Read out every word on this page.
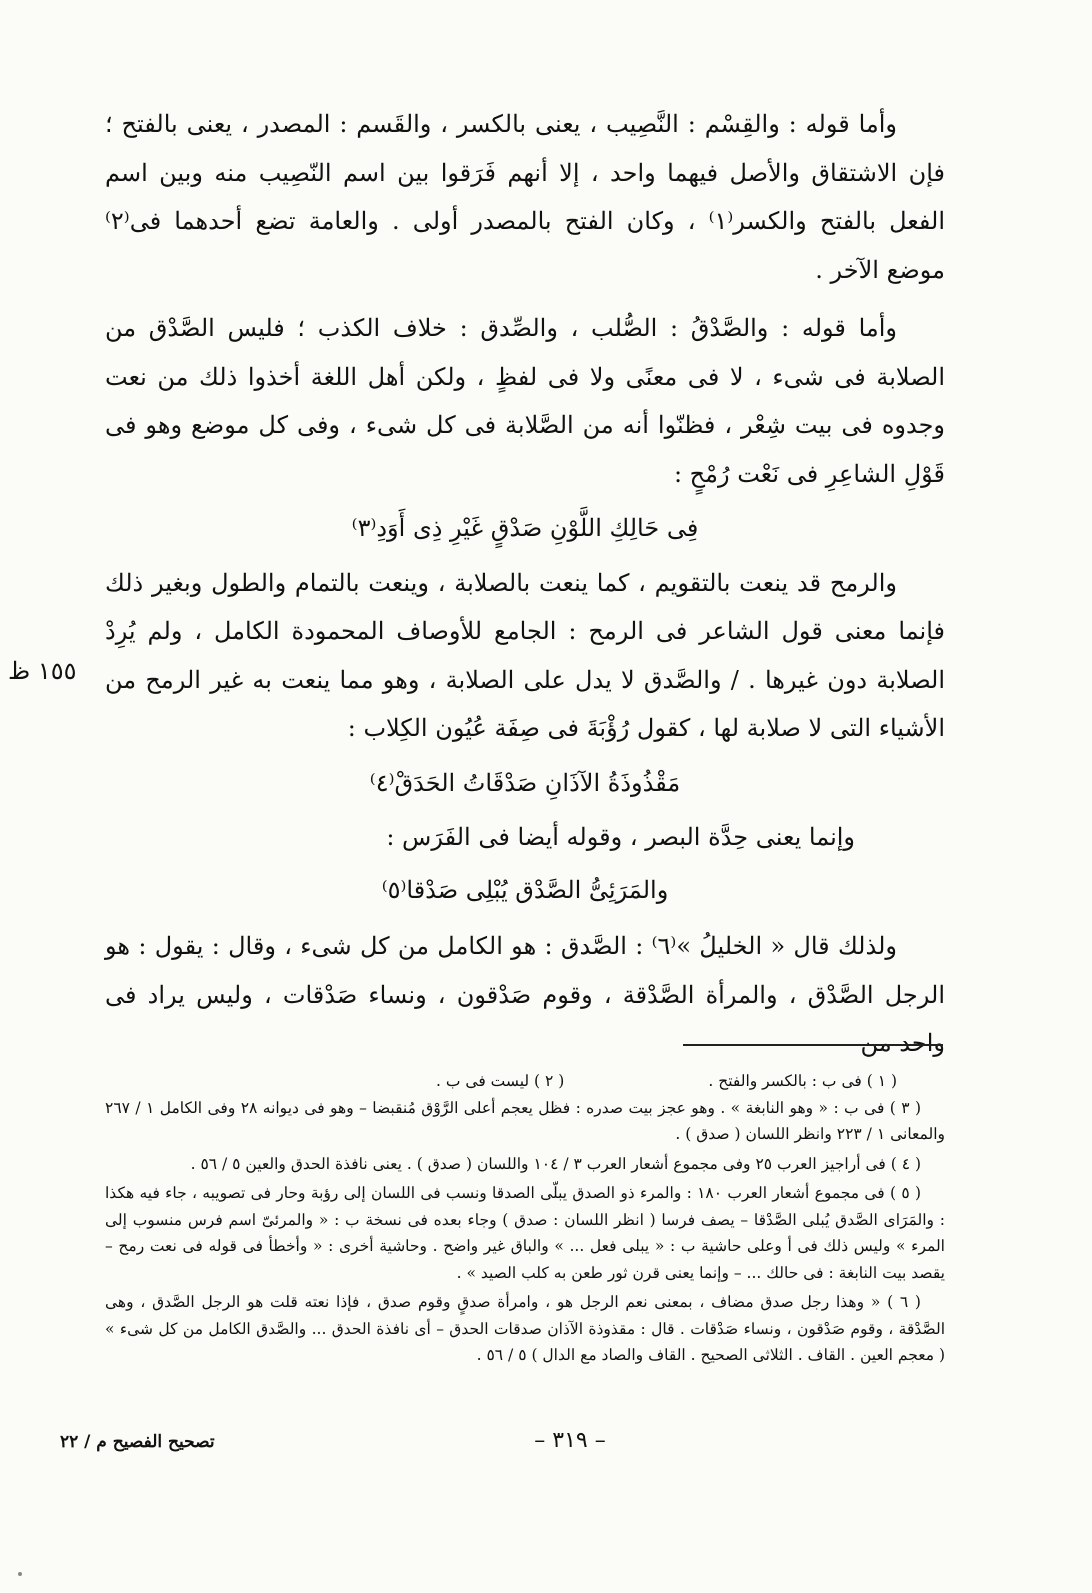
وأما قوله : والقِسْم : النَّصِيب ، يعنى بالكسر ، والقَسم : المصدر ، يعنى بالفتح ؛ فإن الاشتقاق والأصل فيهما واحد ، إلا أنهم فَرَقوا بين اسم النّصِيب منه وبين اسم الفعل بالفتح والكسر⁽١⁾ ، وكان الفتح بالمصدر أولى . والعامة تضع أحدهما فى⁽٢⁾ موضع الآخر .

وأما قوله : والصَّدْقُ : الصُّلب ، والصِّدق : خلاف الكذب ؛ فليس الصَّدْق من الصلابة فى شىء ، لا فى معنًى ولا فى لفظٍ ، ولكن أهل اللغة أخذوا ذلك من نعت وجدوه فى بيت شِعْر ، فظنّوا أنه من الصَّلابة فى كل شىء ، وفى كل موضع وهو فى قَوْلِ الشاعِرِ فى نَعْت رُمْحٍ :

فِى حَالِكِ اللَّوْنِ صَدْقٍ غَيْرِ ذِى أَوَدِ⁽٣⁾

والرمح قد ينعت بالتقويم ، كما ينعت بالصلابة ، وينعت بالتمام والطول وبغير ذلك فإنما معنى قول الشاعر فى الرمح : الجامع للأوصاف المحمودة الكامل ، ولم يُرِدْ الصلابة دون غيرها . / والصَّدق لا يدل على الصلابة ، وهو مما ينعت به غير الرمح من الأشياء التى لا صلابة لها ، كقول رُؤْبَةَ فى صِفَة عُيُون الكِلاب :

مَقْذُوذَةُ الآذَانِ صَدْقَاتُ الحَدَقْ⁽٤⁾

وإنما يعنى حِدَّة البصر ، وقوله أيضا فى الفَرَس :

والمَرَئِىُّ الصَّدْق يُبْلِى صَدْقا⁽٥⁾

ولذلك قال « الخليلُ »⁽٦⁾ : الصَّدق : هو الكامل من كل شىء ، وقال : يقول : هو الرجل الصَّدْق ، والمرأة الصَّدْقة ، وقوم صَدْقون ، ونساء صَدْقات ، وليس يراد فى واحد من

١٥٥ ظ
( ١ ) فى ب : بالكسر والفتح .
( ٢ ) ليست فى ب .

( ٣ ) فى ب : « وهو النابغة » . وهو عجز بيت صدره : فظل يعجم أعلى الرَّوْق مُنقبضا – وهو فى ديوانه ٢٨ وفى الكامل ١ / ٢٦٧ والمعانى ١ / ٢٢٣ وانظر اللسان ( صدق ) .

( ٤ ) فى أراجيز العرب ٢٥ وفى مجموع أشعار العرب ٣ / ١٠٤ واللسان ( صدق ) . يعنى نافذة الحدق والعين ٥ / ٥٦ .

( ٥ ) فى مجموع أشعار العرب ١٨٠ : والمرء ذو الصدق يبلّى الصدقا ونسب فى اللسان إلى رؤبة وحار فى تصويبه ، جاء فيه هكذا : والمَرَاى الصَّدق يُبلى الصَّدْقا – يصف فرسا ( انظر اللسان : صدق ) وجاء بعده فى نسخة ب : « والمرئىّ اسم فرس منسوب إلى المرء » وليس ذلك فى أ وعلى حاشية ب : « يبلى فعل ... » والباق غير واضح . وحاشية أخرى : « وأخطأ فى قوله فى نعت رمح – يقصد بيت النابغة : فى حالك ... – وإنما يعنى قرن ثور طعن به كلب الصيد » .

( ٦ ) « وهذا رجل صدق مضاف ، بمعنى نعم الرجل هو ، وامرأة صدقٍ وقوم صدق ، فإذا نعته قلت هو الرجل الصَّدق ، وهى الصَّدْقة ، وقوم صَدْقون ، ونساء صَدْقات . قال : مقذوذة الآذان صدقات الحدق – أى نافذة الحدق ... والصَّدق الكامل من كل شىء » ( معجم العين . القاف . الثلاثى الصحيح . القاف والصاد مع الدال ) ٥ / ٥٦ .

– ٣١٩ –
تصحيح الفصيح م / ٢٢
